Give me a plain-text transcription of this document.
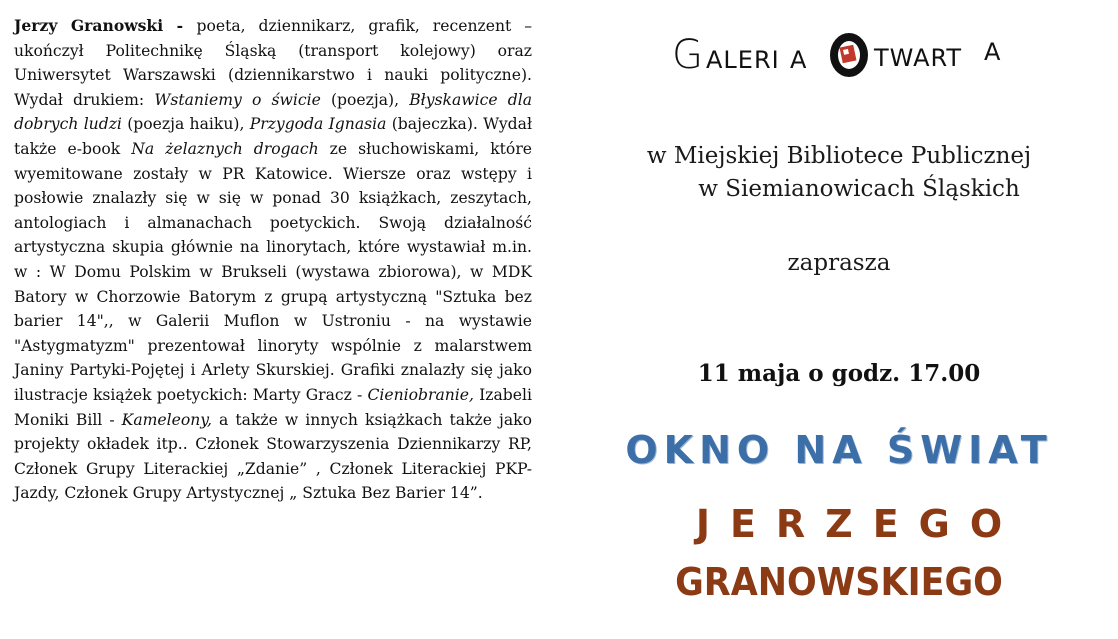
Jerzy Granowski - poeta, dziennikarz, grafik, recenzent – ukończył Politechnikę Śląską (transport kolejowy) oraz Uniwersytet Warszawski (dziennikarstwo i nauki polityczne). Wydał drukiem: Wstaniemy o świcie (poezja), Błyskawice dla dobrych ludzi (poezja haiku), Przygoda Ignasia (bajeczka). Wydał także e-book Na żelaznych drogach ze słuchowiskami, które wyemitowane zostały w PR Katowice. Wiersze oraz wstępy i posłowie znalazły się w się w ponad 30 książkach, zeszytach, antologiach i almanachach poetyckich. Swoją działalność artystyczna skupia głównie na linorytach, które wystawiał m.in. w : W Domu Polskim w Brukseli (wystawa zbiorowa), w MDK Batory w Chorzowie Batorym z grupą artystyczną "Sztuka bez barier 14",, w Galerii Muflon w Ustroniu - na wystawie "Astygmatyzm" prezentował linoryty wspólnie z malarstwem Janiny Partyki-Pojętej i Arlety Skurskiej. Grafiki znalazły się jako ilustracje książek poetyckich: Marty Gracz - Cieniobranie, Izabeli Moniki Bill - Kameleony, a także w innych książkach także jako projekty okładek itp.. Członek Stowarzyszenia Dziennikarzy RP, Członek Grupy Literackiej „Zdanie” , Członek Literackiej PKP-Jazdy, Członek Grupy Artystycznej „ Sztuka Bez Barier 14”.
G ALERI A	TWART A
w Miejskiej Bibliotece Publicznej
w Siemianowicach Śląskich
zaprasza
11 maja o godz. 17.00
OKNO NA ŚWIAT
JERZEGO
GRANOWSKIEGO
